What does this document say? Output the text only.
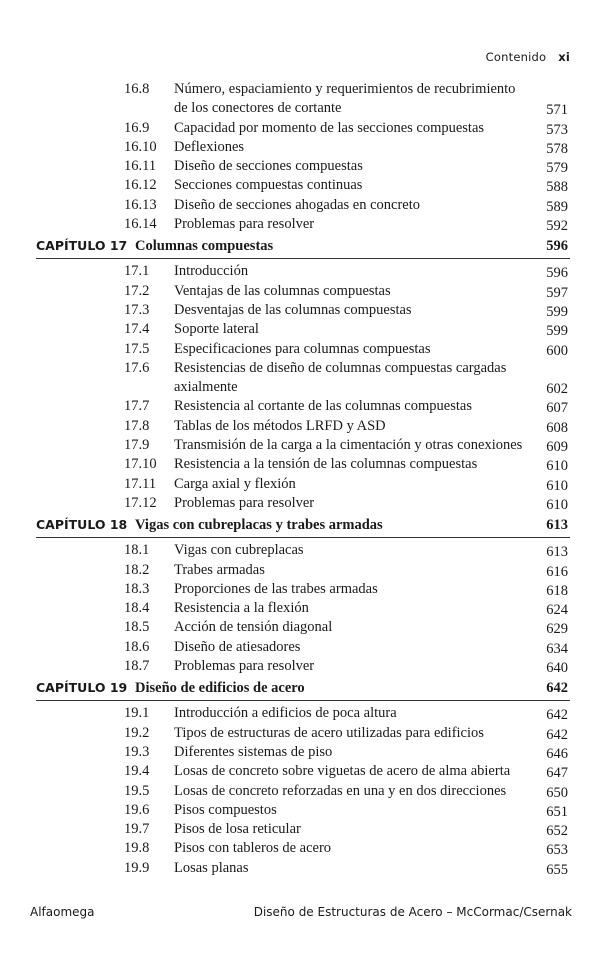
Contenido xi
16.8 Número, espaciamiento y requerimientos de recubrimiento de los conectores de cortante	571
16.9 Capacidad por momento de las secciones compuestas	573
16.10 Deflexiones	578
16.11 Diseño de secciones compuestas	579
16.12 Secciones compuestas continuas	588
16.13 Diseño de secciones ahogadas en concreto	589
16.14 Problemas para resolver	592
CAPÍTULO 17 Columnas compuestas	596
17.1 Introducción	596
17.2 Ventajas de las columnas compuestas	597
17.3 Desventajas de las columnas compuestas	599
17.4 Soporte lateral	599
17.5 Especificaciones para columnas compuestas	600
17.6 Resistencias de diseño de columnas compuestas cargadas axialmente	602
17.7 Resistencia al cortante de las columnas compuestas	607
17.8 Tablas de los métodos LRFD y ASD	608
17.9 Transmisión de la carga a la cimentación y otras conexiones	609
17.10 Resistencia a la tensión de las columnas compuestas	610
17.11 Carga axial y flexión	610
17.12 Problemas para resolver	610
CAPÍTULO 18 Vigas con cubreplacas y trabes armadas	613
18.1 Vigas con cubreplacas	613
18.2 Trabes armadas	616
18.3 Proporciones de las trabes armadas	618
18.4 Resistencia a la flexión	624
18.5 Acción de tensión diagonal	629
18.6 Diseño de atiesadores	634
18.7 Problemas para resolver	640
CAPÍTULO 19 Diseño de edificios de acero	642
19.1 Introducción a edificios de poca altura	642
19.2 Tipos de estructuras de acero utilizadas para edificios	642
19.3 Diferentes sistemas de piso	646
19.4 Losas de concreto sobre viguetas de acero de alma abierta	647
19.5 Losas de concreto reforzadas en una y en dos direcciones	650
19.6 Pisos compuestos	651
19.7 Pisos de losa reticular	652
19.8 Pisos con tableros de acero	653
19.9 Losas planas	655
Alfaomega	Diseño de Estructuras de Acero – McCormac/Csernak
